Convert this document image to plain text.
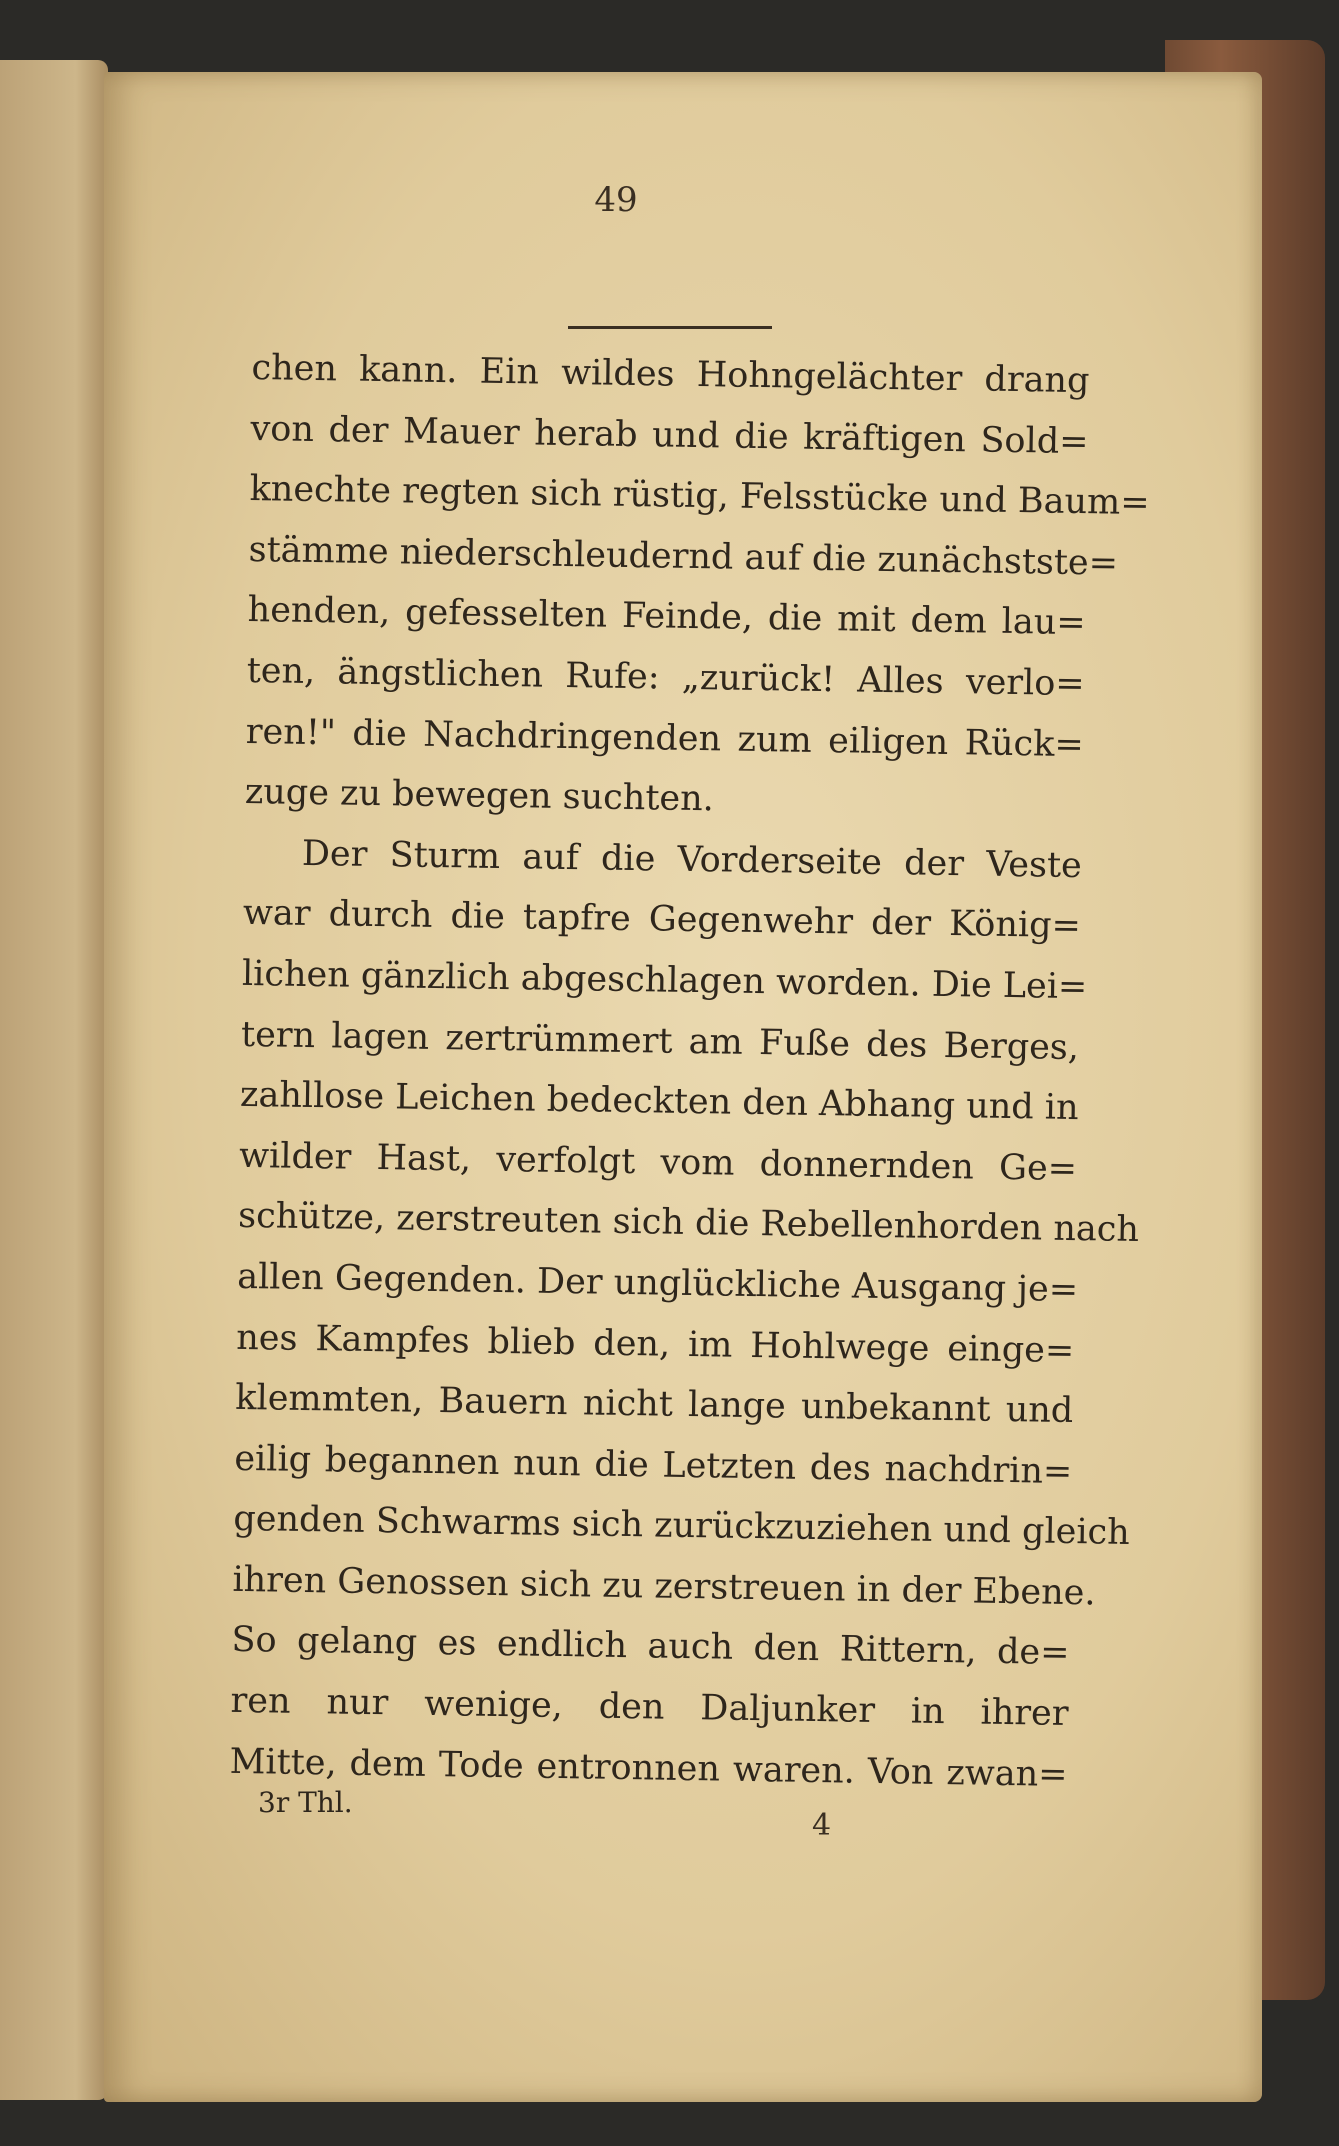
49
chen kann. Ein wildes Hohngelächter drang
von der Mauer herab und die kräftigen Sold=
knechte regten sich rüstig, Felsstücke und Baum=
stämme niederschleudernd auf die zunächstste=
henden, gefesselten Feinde, die mit dem lau=
ten, ängstlichen Rufe: „zurück! Alles verlo=
ren!" die Nachdringenden zum eiligen Rück=
zuge zu bewegen suchten.
Der Sturm auf die Vorderseite der Veste
war durch die tapfre Gegenwehr der König=
lichen gänzlich abgeschlagen worden. Die Lei=
tern lagen zertrümmert am Fuße des Berges,
zahllose Leichen bedeckten den Abhang und in
wilder Hast, verfolgt vom donnernden Ge=
schütze, zerstreuten sich die Rebellenhorden nach
allen Gegenden. Der unglückliche Ausgang je=
nes Kampfes blieb den, im Hohlwege einge=
klemmten, Bauern nicht lange unbekannt und
eilig begannen nun die Letzten des nachdrin=
genden Schwarms sich zurückzuziehen und gleich
ihren Genossen sich zu zerstreuen in der Ebene.
So gelang es endlich auch den Rittern, de=
ren nur wenige, den Daljunker in ihrer
Mitte, dem Tode entronnen waren. Von zwan=
3r Thl.
4
